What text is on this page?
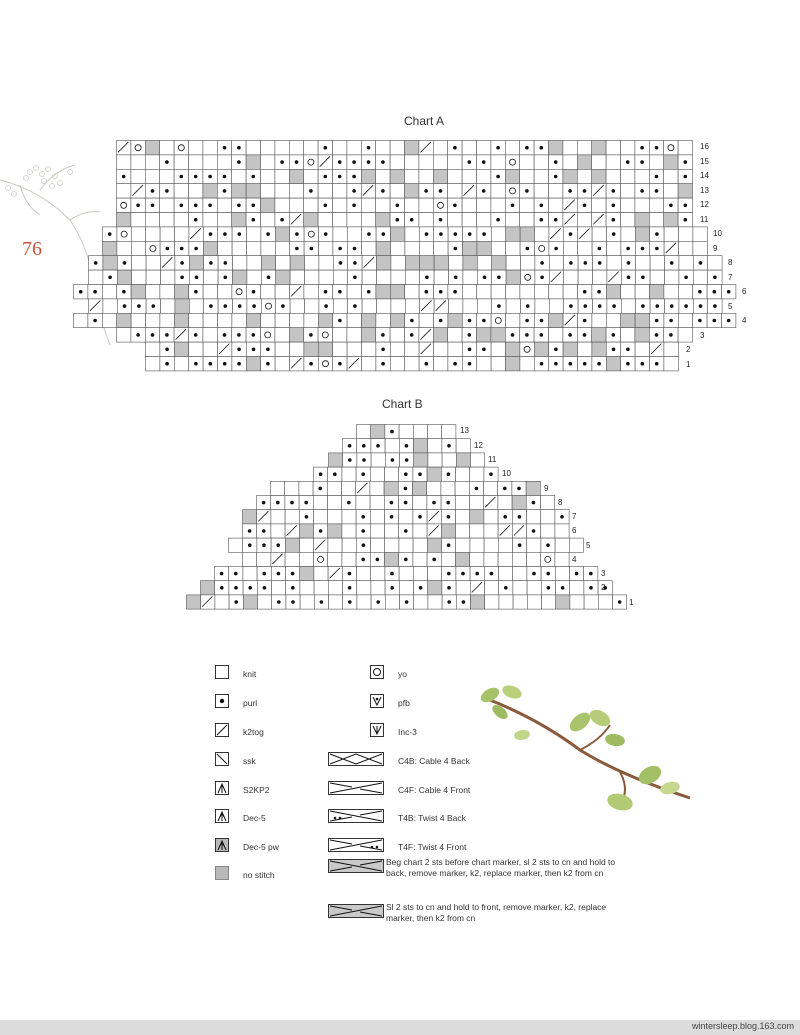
76
Chart A
Chart B
16
15
14
13
12
11
10
9
8
7
6
5
4
3
2
1
13
12
11
10
9
8
7
6
5
4
3
2
1
knit
purl
k2tog
ssk
S2KP2
Dec-5
Dec-5 pw
no stitch
yo
pfb
Inc-3
C4B: Cable 4 Back
C4F: Cable 4 Front
T4B: Twist 4 Back
T4F: Twist 4 Front
Beg chart 2 sts before chart marker, sl 2 sts to cn and hold to back, remove marker, k2, replace marker, then k2 from cn
Sl 2 sts to cn and hold to front, remove marker, k2, replace marker, then k2 from cn
wintersleep.blog.163.com
